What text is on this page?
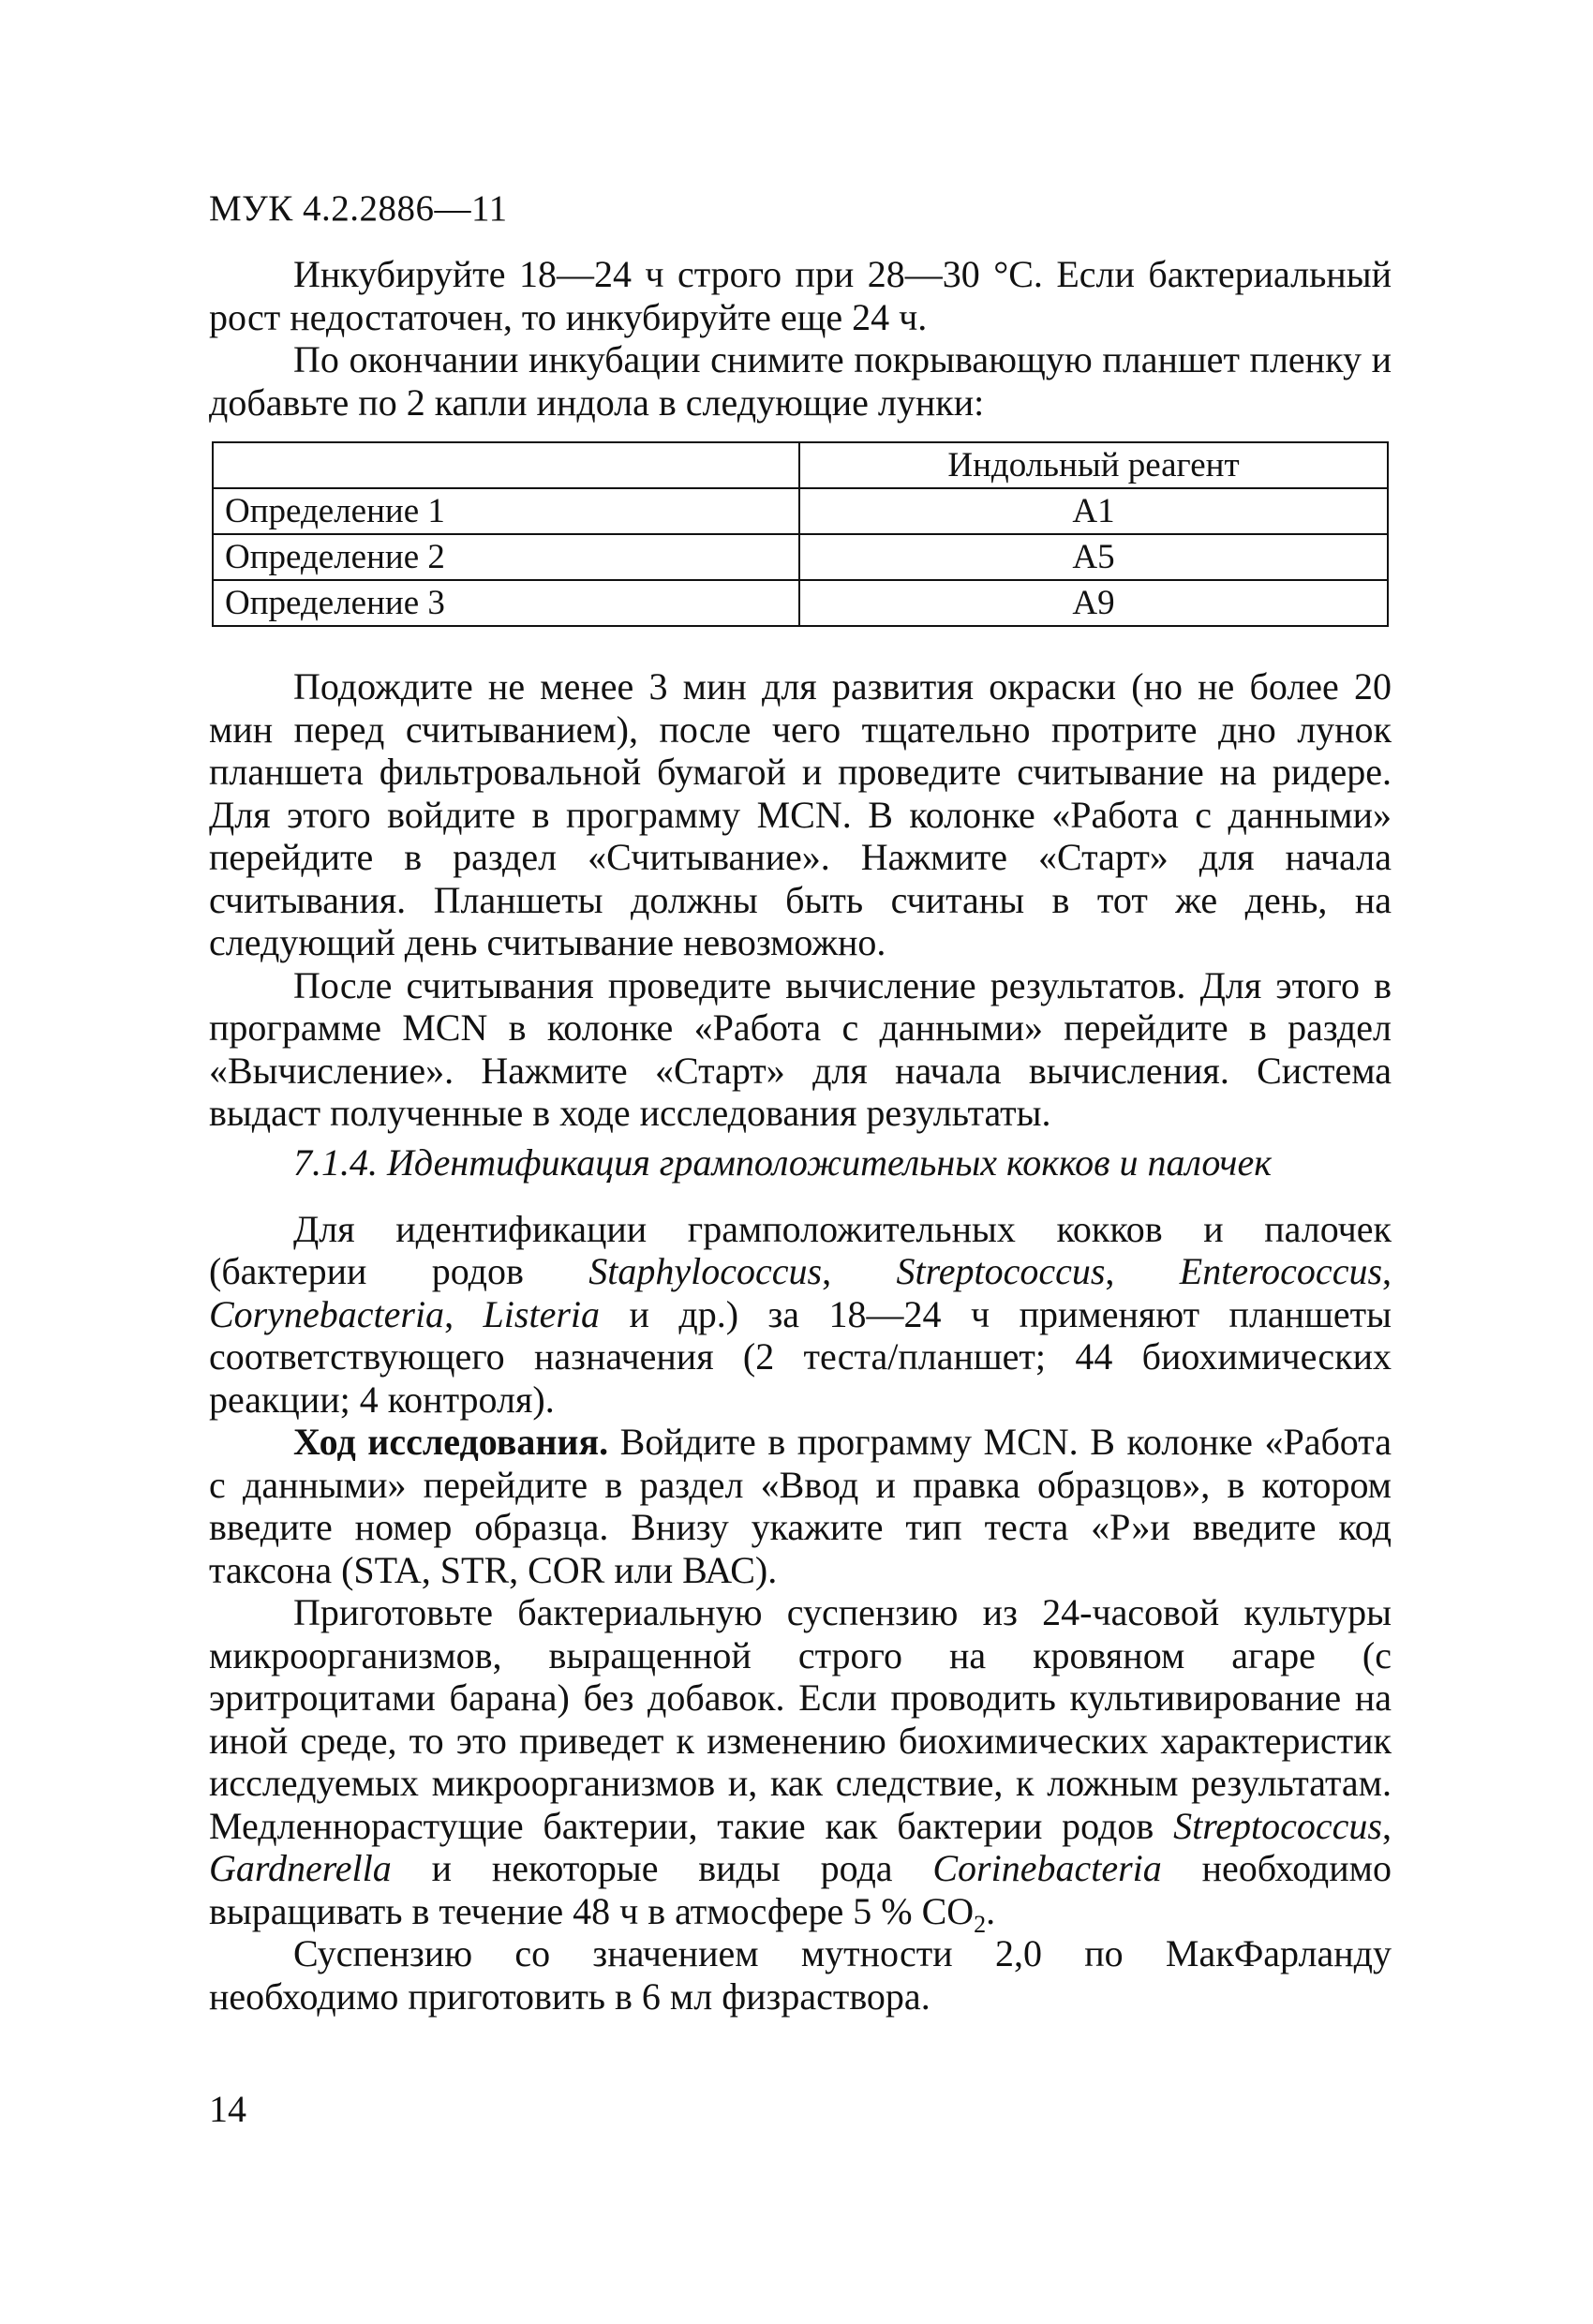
МУК 4.2.2886—11

Инкубируйте 18—24 ч строго при 28—30 °С. Если бактериальный рост недостаточен, то инкубируйте еще 24 ч.

По окончании инкубации снимите покрывающую планшет пленку и добавьте по 2 капли индола в следующие лунки:

	Индольный реагент
Определение 1	А1
Определение 2	А5
Определение 3	А9

Подождите не менее 3 мин для развития окраски (но не более 20 мин перед считыванием), после чего тщательно протрите дно лунок планшета фильтровальной бумагой и проведите считывание на ридере. Для этого войдите в программу MCN. В колонке «Работа с данными» перейдите в раздел «Считывание». Нажмите «Старт» для начала считывания. Планшеты должны быть считаны в тот же день, на следующий день считывание невозможно.

После считывания проведите вычисление результатов. Для этого в программе MCN в колонке «Работа с данными» перейдите в раздел «Вычисление». Нажмите «Старт» для начала вычисления. Система выдаст полученные в ходе исследования результаты.

7.1.4. Идентификация грамположительных кокков и палочек

Для идентификации грамположительных кокков и палочек (бактерии родов Staphylococcus, Streptococcus, Enterococcus, Corynebacteria, Listeria и др.) за 18—24 ч применяют планшеты соответствующего назначения (2 теста/планшет; 44 биохимических реакции; 4 контроля).

Ход исследования. Войдите в программу MCN. В колонке «Работа с данными» перейдите в раздел «Ввод и правка образцов», в котором введите номер образца. Внизу укажите тип теста «Р»и введите код таксона (STA, STR, COR или ВАС).

Приготовьте бактериальную суспензию из 24-часовой культуры микроорганизмов, выращенной строго на кровяном агаре (с эритроцитами барана) без добавок. Если проводить культивирование на иной среде, то это приведет к изменению биохимических характеристик исследуемых микроорганизмов и, как следствие, к ложным результатам. Медленнорастущие бактерии, такие как бактерии родов Streptococcus, Gardnerella и некоторые виды рода Corinebacteria необходимо выращивать в течение 48 ч в атмосфере 5 % $СО_2$.

Суспензию со значением мутности 2,0 по МакФарланду необходимо приготовить в 6 мл физраствора.

14
